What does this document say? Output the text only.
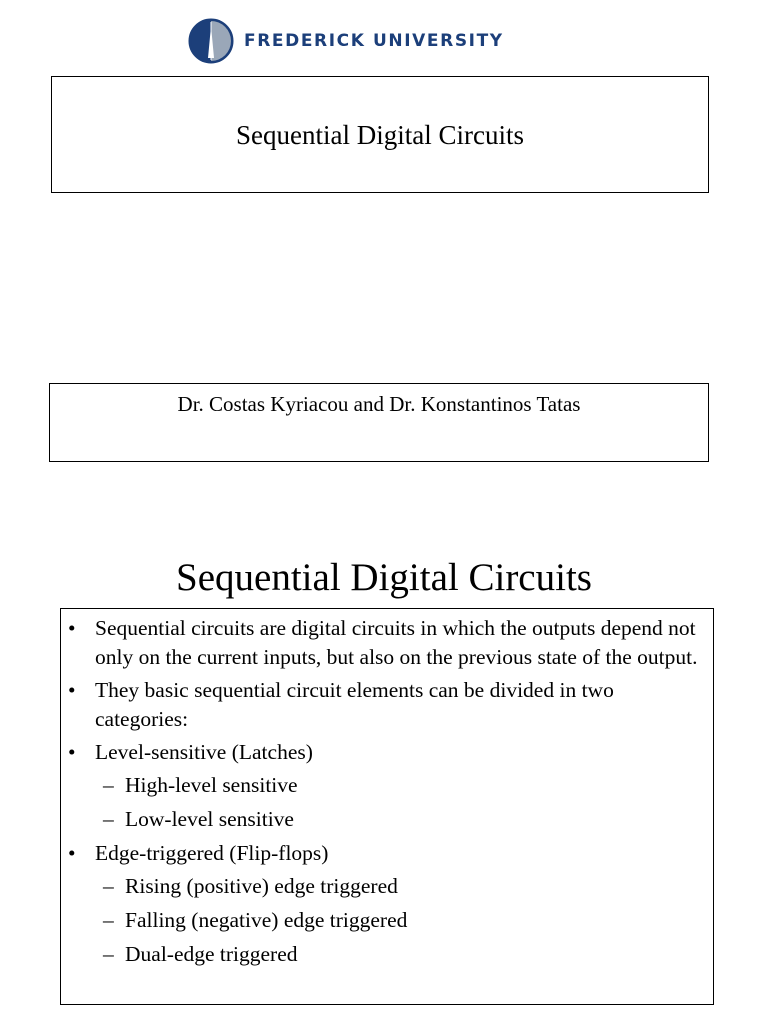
FREDERICK UNIVERSITY
Sequential Digital Circuits
Dr. Costas Kyriacou and Dr. Konstantinos Tatas
Sequential Digital Circuits
• Sequential circuits are digital circuits in which the outputs depend not only on the current inputs, but also on the previous state of the output.
• They basic sequential circuit elements can be divided in two categories:
• Level-sensitive (Latches)
– High-level sensitive
– Low-level sensitive
• Edge-triggered (Flip-flops)
– Rising (positive) edge triggered
– Falling (negative) edge triggered
– Dual-edge triggered
